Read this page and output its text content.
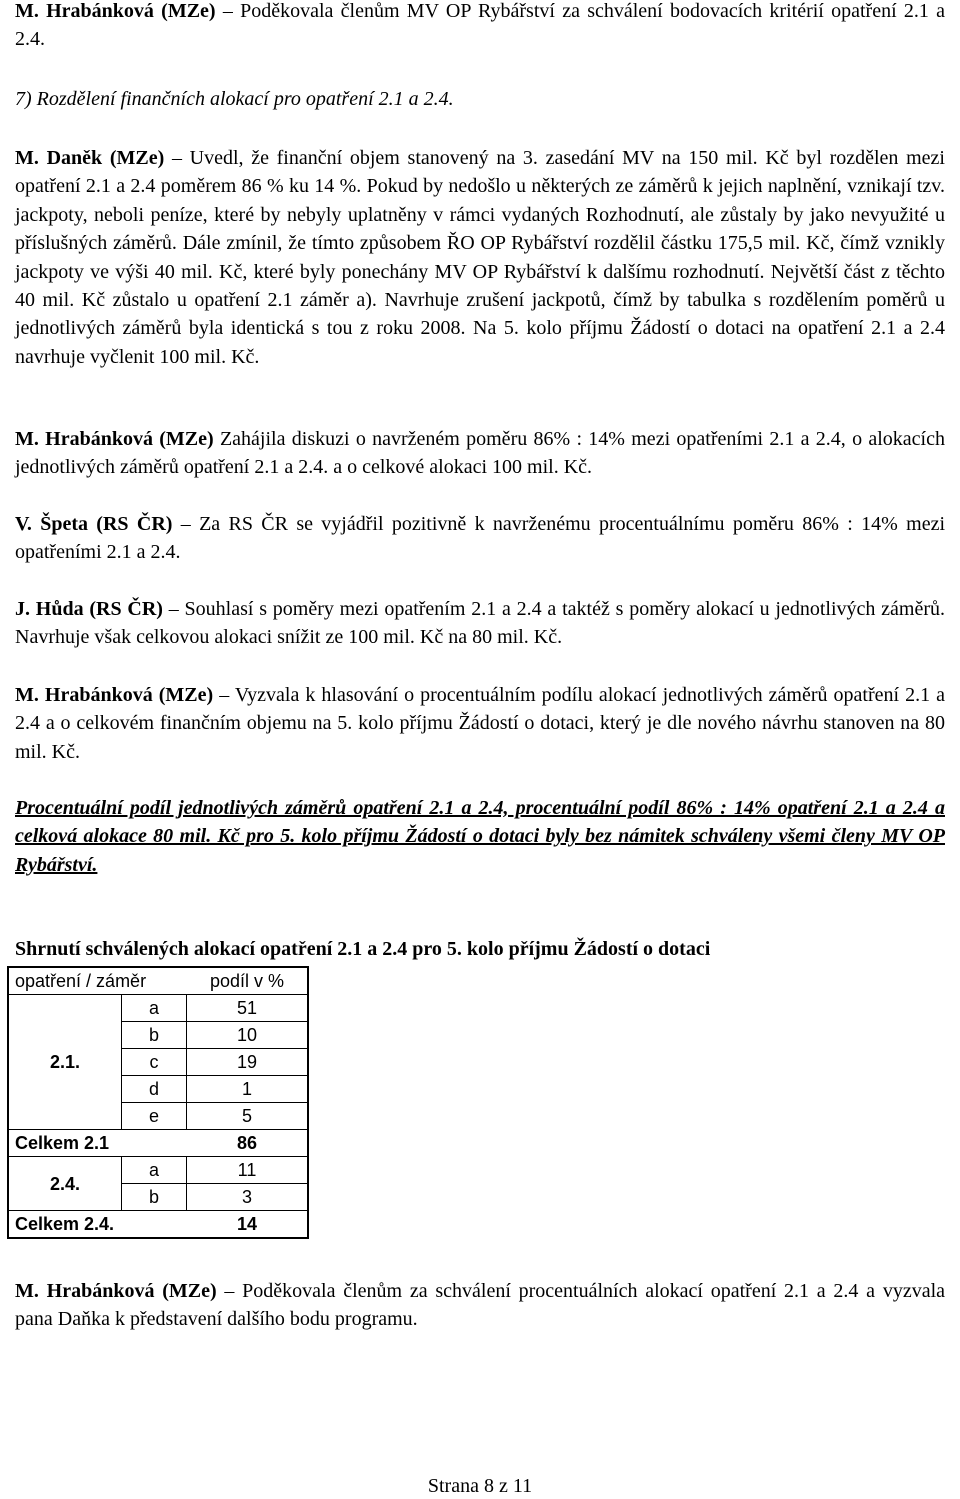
M. Hrabánková (MZe) – Poděkovala členům MV OP Rybářství za schválení bodovacích kritérií opatření 2.1 a 2.4.

7) Rozdělení finančních alokací pro opatření 2.1 a 2.4.

M. Daněk (MZe) – Uvedl, že finanční objem stanovený na 3. zasedání MV na 150 mil. Kč byl rozdělen mezi opatření 2.1 a 2.4 poměrem 86 % ku 14 %. Pokud by nedošlo u některých ze záměrů k jejich naplnění, vznikají tzv. jackpoty, neboli peníze, které by nebyly uplatněny v rámci vydaných Rozhodnutí, ale zůstaly by jako nevyužité u příslušných záměrů. Dále zmínil, že tímto způsobem ŘO OP Rybářství rozdělil částku 175,5 mil. Kč, čímž vznikly jackpoty ve výši 40 mil. Kč, které byly ponechány MV OP Rybářství k dalšímu rozhodnutí. Největší část z těchto 40 mil. Kč zůstalo u opatření 2.1 záměr a). Navrhuje zrušení jackpotů, čímž by tabulka s rozdělením poměrů u jednotlivých záměrů byla identická s tou z roku 2008. Na 5. kolo příjmu Žádostí o dotaci na opatření 2.1 a 2.4 navrhuje vyčlenit 100 mil. Kč.

M. Hrabánková (MZe) Zahájila diskuzi o navrženém poměru 86% : 14% mezi opatřeními 2.1 a 2.4, o alokacích jednotlivých záměrů opatření 2.1 a 2.4. a o celkové alokaci 100 mil. Kč.

V. Špeta (RS ČR) – Za RS ČR se vyjádřil pozitivně k navrženému procentuálnímu poměru 86% : 14% mezi opatřeními 2.1 a 2.4.

J. Hůda (RS ČR) – Souhlasí s poměry mezi opatřením 2.1 a 2.4 a taktéž s poměry alokací u jednotlivých záměrů. Navrhuje však celkovou alokaci snížit ze 100 mil. Kč na 80 mil. Kč.

M. Hrabánková (MZe) – Vyzvala k hlasování o procentuálním podílu alokací jednotlivých záměrů opatření 2.1 a 2.4 a o celkovém finančním objemu na 5. kolo příjmu Žádostí o dotaci, který je dle nového návrhu stanoven na 80 mil. Kč.

Procentuální podíl jednotlivých záměrů opatření 2.1 a 2.4, procentuální podíl 86% : 14% opatření 2.1 a 2.4 a celková alokace 80 mil. Kč pro 5. kolo příjmu Žádostí o dotaci byly bez námitek schváleny všemi členy MV OP Rybářství.

Shrnutí schválených alokací opatření 2.1 a 2.4 pro 5. kolo příjmu Žádostí o dotaci

opatření / záměr		podíl v %
2.1.	a	51
	b	10
	c	19
	d	1
	e	5
Celkem 2.1		86
2.4.	a	11
	b	3
Celkem 2.4.		14

M. Hrabánková (MZe) – Poděkovala členům za schválení procentuálních alokací opatření 2.1 a 2.4 a vyzvala pana Daňka k představení dalšího bodu programu.

Strana 8 z 11
